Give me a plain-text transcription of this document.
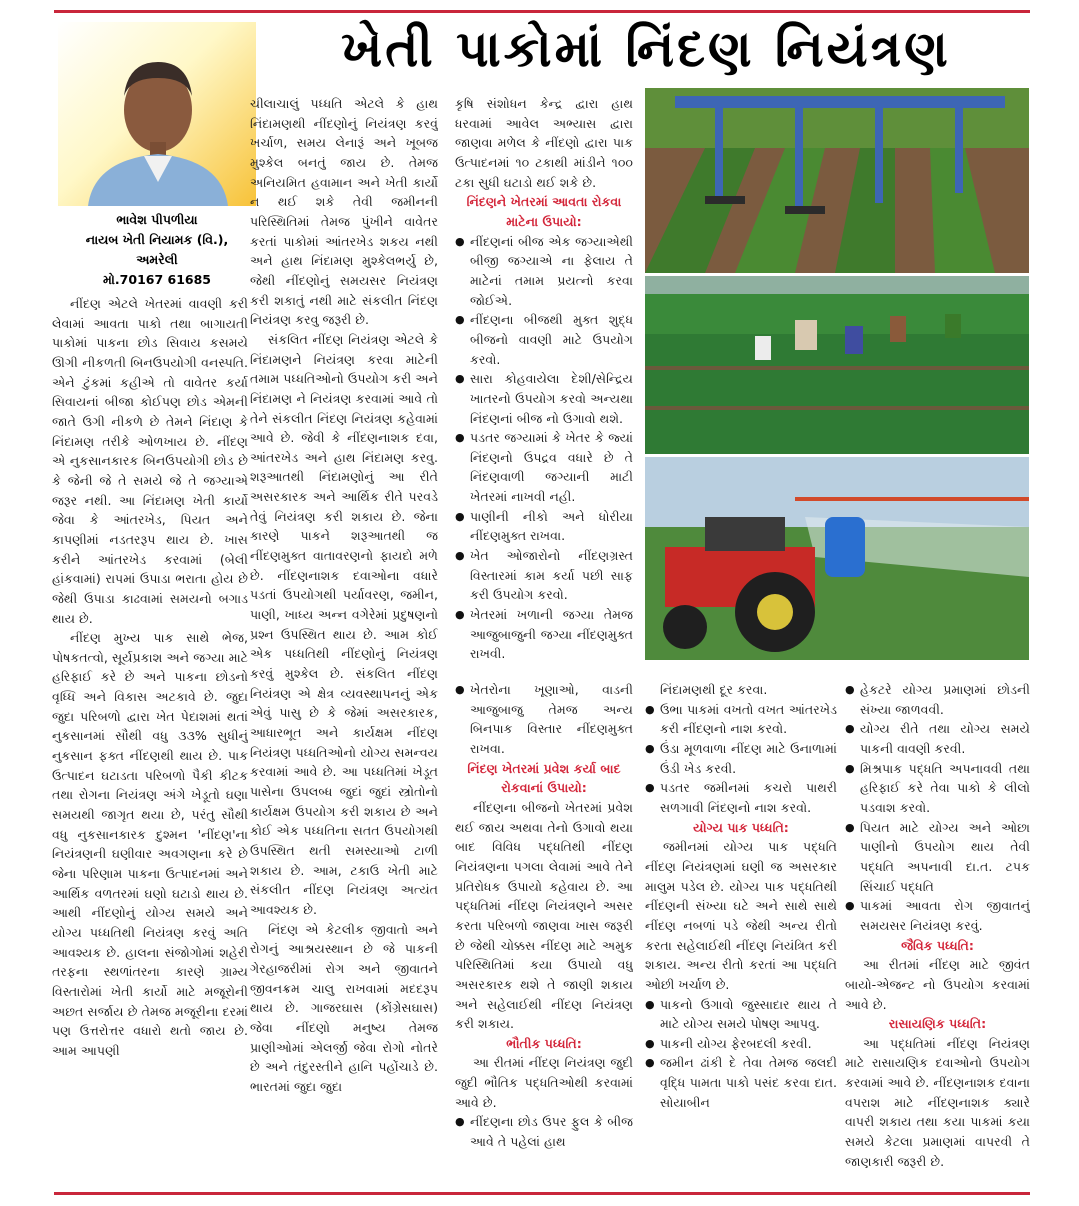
ખેતી પાકોમાં નિંદણ નિયંત્રણ
ભાવેશ પીપળીયા
નાયબ ખેતી નિયામક (વિ.),
અમરેલી
મો.70167 61685

નીંદણ એટલે ખેતરમાં વાવણી કરી લેવામાં આવતા પાકો તથા બાગાયતી પાકોમાં પાકના છોડ સિવાય કસમયે ઊગી નીકળતી બિનઉપયોગી વનસ્પતિ. એને ટુંકમાં કહીએ તો વાવેતર કર્યા સિવાયનાં બીજા કોઈપણ છોડ એમની જાતે ઉગી નીકળે છે તેમને નિંદાણ કે નિંદામણ તરીકે ઓળખાય છે. નીંદણ એ નુકસાનકારક બિનઉપયોગી છોડ છે કે જેની જે તે સમયે જે તે જગ્યાએ જરૂર નથી. આ નિંદામણ ખેતી કાર્યો જેવા કે આંતરખેડ, પિયત અને કાપણીમાં નડતરરૂપ થાય છે. ખાસ કરીને આંતરખેડ કરવામાં (બેલી હાંકવામાં) રાપમાં ઉપાડા ભરાતા હોય છે જેથી ઉપાડા કાઢવામાં સમયનો બગાડ થાય છે.

નીંદણ મુખ્ય પાક સાથે ભેજ, પોષકતત્વો, સૂર્યપ્રકાશ અને જગ્યા માટે હરિફાઈ કરે છે અને પાકના છોડનો વૃધ્ધિ અને વિકાસ અટકાવે છે. જુદા જુદા પરિબળો દ્વારા ખેત પેદાશમાં થતાં નુકસાનમાં સૌથી વધુ ૩૩% સુધીનું નુકસાન ફક્ત નીંદણથી થાય છે. પાક ઉત્પાદન ઘટાડતા પરિબળો પૈકી કીટક તથા રોગના નિયંત્રણ અંગે ખેડૂતો ઘણા સમયથી જાગૃત થયા છે, પરંતુ સૌથી વધુ નુકસાનકારક દુશ્મન 'નીંદણ'ના નિયંત્રણની ઘણીવાર અવગણના કરે છે જેના પરિણામ પાકના ઉત્પાદનમાં અને આર્થિક વળતરમાં ઘણો ઘટાડો થાય છે. આથી નીંદણોનું યોગ્ય સમયે અને યોગ્ય પધ્ધતિથી નિયંત્રણ કરવું અતિ આવશ્યક છે. હાલના સંજોગોમાં શહેરી તરફના સ્થળાંતરના કારણે ગ્રામ્ય વિસ્તારોમાં ખેતી કાર્યો માટે મજૂરોની અછત સર્જાય છે તેમજ મજૂરીના દરમાં પણ ઉત્તરોત્તર વધારો થતો જાય છે. આમ આપણી

ચીલાચાલું પધ્ધતિ એટલે કે હાથ નિંદામણથી નીંદણોનું નિયંત્રણ કરવું ખર્ચાળ, સમય લેનારૂં અને ખૂબજ મુશ્કેલ બનતું જાય છે. તેમજ અનિયમિત હવામાન અને ખેતી કાર્યો ન થઈ શકે તેવી જમીનની પરિસ્થિતિમાં તેમજ પુંખીને વાવેતર કરતાં પાકોમાં આંતરખેડ શકય નથી અને હાથ નિંદામણ મુશ્કેલભર્યુ છે, જેથી નીંદણોનું સમયસર નિયંત્રણ કરી શકાતું નથી માટે સંકલીત નિંદણ નિયંત્રણ કરવુ જરૂરી છે.

સંકલિત નીંદણ નિયંત્રણ એટલે કે નિંદામણને નિયંત્રણ કરવા માટેની તમામ પધ્ધતિઓનો ઉપયોગ કરી અને નિંદામણ ને નિયંત્રણ કરવામાં આવે તો તેને સંકલીત નિંદણ નિયંત્રણ કહેવામાં આવે છે. જેવી કે નીંદણનાશક દવા, આંતરખેડ અને હાથ નિંદામણ કરવુ. શરૂઆતથી નિંદામણોનું આ રીતે અસરકારક અને આર્થિક રીતે પરવડે તેવું નિયંત્રણ કરી શકાય છે. જેના કારણે પાકને શરૂઆતથી જ નીંદણમુક્ત વાતાવરણનો ફાયદો મળે છે. નીંદણનાશક દવાઓના વધારે પડતાં ઉપયોગથી પર્યાવરણ, જમીન, પાણી, ખાધ્ય અન્ન વગેરેમાં પ્રદુષણનો પ્રશ્ન ઉપસ્થિત થાય છે. આમ કોઈ એક પધ્ધતિથી નીંદણોનું નિયંત્રણ કરવું મુશ્કેલ છે. સંકલિત નીંદણ નિયંત્રણ એ ક્ષેત્ર વ્યવસ્થાપનનું એક એવું પાસુ છે કે જેમાં અસરકારક, આધારભૂત અને કાર્યક્ષમ નીંદણ નિયંત્રણ પધ્ધતિઓનો યોગ્ય સમન્વય કરવામાં આવે છે. આ પધ્ધતિમાં ખેડૂત પાસેના ઉપલબ્ધ જુદાં જુદાં સ્ત્રોતોનો કાર્યક્ષમ ઉપયોગ કરી શકાય છે અને કોઈ એક પધ્ધતિના સતત ઉપયોગથી ઉપસ્થિત થતી સમસ્યાઓ ટાળી શકાય છે. આમ, ટકાઉ ખેતી માટે સંકલીત નીંદણ નિયંત્રણ અત્યંત આવશ્યક છે.

નિંદણ એ કેટલીક જીવાતો અને રોગનું આશ્રયસ્થાન છે જે પાકની ગેરહાજરીમાં રોગ અને જીવાતને જીવનક્રમ ચાલુ રાખવામાં મદદરૂપ થાય છે. ગાજરઘાસ (કોંગ્રેસઘાસ) જેવા નીંદણો મનુષ્ય તેમજ પ્રાણીઓમાં એલર્જી જેવા રોગો નોતરે છે અને તંદુરસ્તીને હાનિ પહોંચાડે છે. ભારતમાં જુદા જુદા

કૃષિ સંશોધન કેન્દ્ર દ્વારા હાથ ધરવામાં આવેલ અભ્યાસ દ્વારા જાણવા મળેલ કે નીંદણો દ્વારા પાક ઉત્પાદનમાં ૧૦ ટકાથી માંડીને ૧૦૦ ટકા સુધી ઘટાડો થઈ શકે છે.

નિંદણને ખેતરમાં આવતા રોકવા માટેના ઉપાયો:

● નીંદણનાં બીજ એક જગ્યાએથી બીજી જગ્યાએ ના ફેલાય તે માટેનાં તમામ પ્રયત્નો કરવા જોઈએ.
● નીંદણના બીજથી મુક્ત શુદ્ધ બીજનો વાવણી માટે ઉપયોગ કરવો.
● સારા કોહવાયેલા દેશી/સેન્દ્રિય ખાતરનો ઉપયોગ કરવો અન્યથા નિંદણનાં બીજ નો ઉગાવો થશે.
● પડતર જગ્યામાં કે ખેતર કે જ્યાં નિંદણનો ઉપદ્રવ વધારે છે તે નિંદણવાળી જગ્યાની માટી ખેતરમાં નાખવી નહી.
● પાણીની નીકો અને ધોરીયા નીંદણમુક્ત રાખવા.
● ખેત ઓજારોનો નીંદણગ્રસ્ત વિસ્તારમાં કામ કર્યા પછી સાફ કરી ઉપયોગ કરવો.
● ખેતરમાં ખળાની જગ્યા તેમજ આજુબાજુની જગ્યા નીંદણમુક્ત રાખવી.
● ખેતરોના ખૂણાઓ, વાડની આજુબાજુ તેમજ અન્ય બિનપાક વિસ્તાર નીંદણમુક્ત રાખવા.

નિંદણ ખેતરમાં પ્રવેશ કર્યા બાદ રોકવાનાં ઉપાયો:

નીંદણના બીજનો ખેતરમાં પ્રવેશ થઈ જાય અથવા તેનો ઉગાવો થયા બાદ વિવિધ પદ્ધતિથી નીંદણ નિયંત્રણના પગલા લેવામાં આવે તેને પ્રતિરોધક ઉપાયો કહેવાય છે. આ પદ્ધતિમાં નીંદણ નિયંત્રણને અસર કરતા પરિબળો જાણવા ખાસ જરૂરી છે જેથી ચોક્કસ નીંદણ માટે અમુક પરિસ્થિતિમાં કયા ઉપાયો વધુ અસરકારક થશે તે જાણી શકાય અને સહેલાઈથી નીંદણ નિયંત્રણ કરી શકાય.

ભૌતીક પધ્ધતિ:

આ રીતમાં નીંદણ નિયંત્રણ જુદી જુદી ભૌતિક પદ્ધતિઓથી કરવામાં આવે છે.

● નીંદણના છોડ ઉપર ફુલ કે બીજ આવે તે પહેલાં હાથ

નિંદામણથી દૂર કરવા.

● ઉભા પાકમાં વખતો વખત આંતરખેડ કરી નીંદણનો નાશ કરવો.
● ઉંડા મૂળવાળા નીંદણ માટે ઉનાળામાં ઉંડી ખેડ કરવી.
● પડતર જમીનમાં કચરો પાથરી સળગાવી નિંદણનો નાશ કરવો.

યોગ્ય પાક પધ્ધતિ:

જમીનમાં યોગ્ય પાક પદ્ધતિ નીંદણ નિયંત્રણમાં ઘણી જ અસરકાર માલુમ પડેલ છે. યોગ્ય પાક પદ્ધતિથી નીંદણની સંખ્યા ઘટે અને સાથે સાથે નીંદણ નબળાં પડે જેથી અન્ય રીતો કરતા સહેલાઈથી નીંદણ નિયંત્રિત કરી શકાય. અન્ય રીતો કરતાં આ પદ્ધતિ ઓછી ખર્ચાળ છે.

● પાકનો ઉગાવો જુસ્સાદાર થાય તે માટે યોગ્ય સમયે પોષણ આપવુ.
● પાકની યોગ્ય ફેરબદલી કરવી.
● જમીન ઢાંકી દે તેવા તેમજ જલદી વૃદ્ધિ પામતા પાકો પસંદ કરવા દાત. સોયાબીન
● હેકટરે યોગ્ય પ્રમાણમાં છોડની સંખ્યા જાળવવી.
● યોગ્ય રીતે તથા યોગ્ય સમયે પાકની વાવણી કરવી.
● મિશ્રપાક પદ્ધતિ અપનાવવી તથા હરિફાઈ કરે તેવા પાકો કે લીલો પડવાશ કરવો.
● પિયત માટે યોગ્ય અને ઓછા પાણીનો ઉપયોગ થાય તેવી પદ્ધતિ અપનાવી દા.ત. ટપક સિંચાઈ પદ્ધતિ
● પાકમાં આવતા રોગ જીવાતનું સમયસર નિયંત્રણ કરવું.

જૈવિક પધ્ધતિ:

આ રીતમાં નીંદણ માટે જીવંત બાયો-એજન્ટ નો ઉપયોગ કરવામાં આવે છે.

રાસાયણિક પધ્ધતિ:

આ પદ્ધતિમાં નીંદણ નિયંત્રણ માટે રાસાયણિક દવાઓનો ઉપયોગ કરવામાં આવે છે. નીંદણનાશક દવાના વપરાશ માટે નીંદણનાશક ક્યારે વાપરી શકાય તથા કયા પાકમાં કયા સમયે કેટલા પ્રમાણમાં વાપરવી તે જાણકારી જરૂરી છે.
